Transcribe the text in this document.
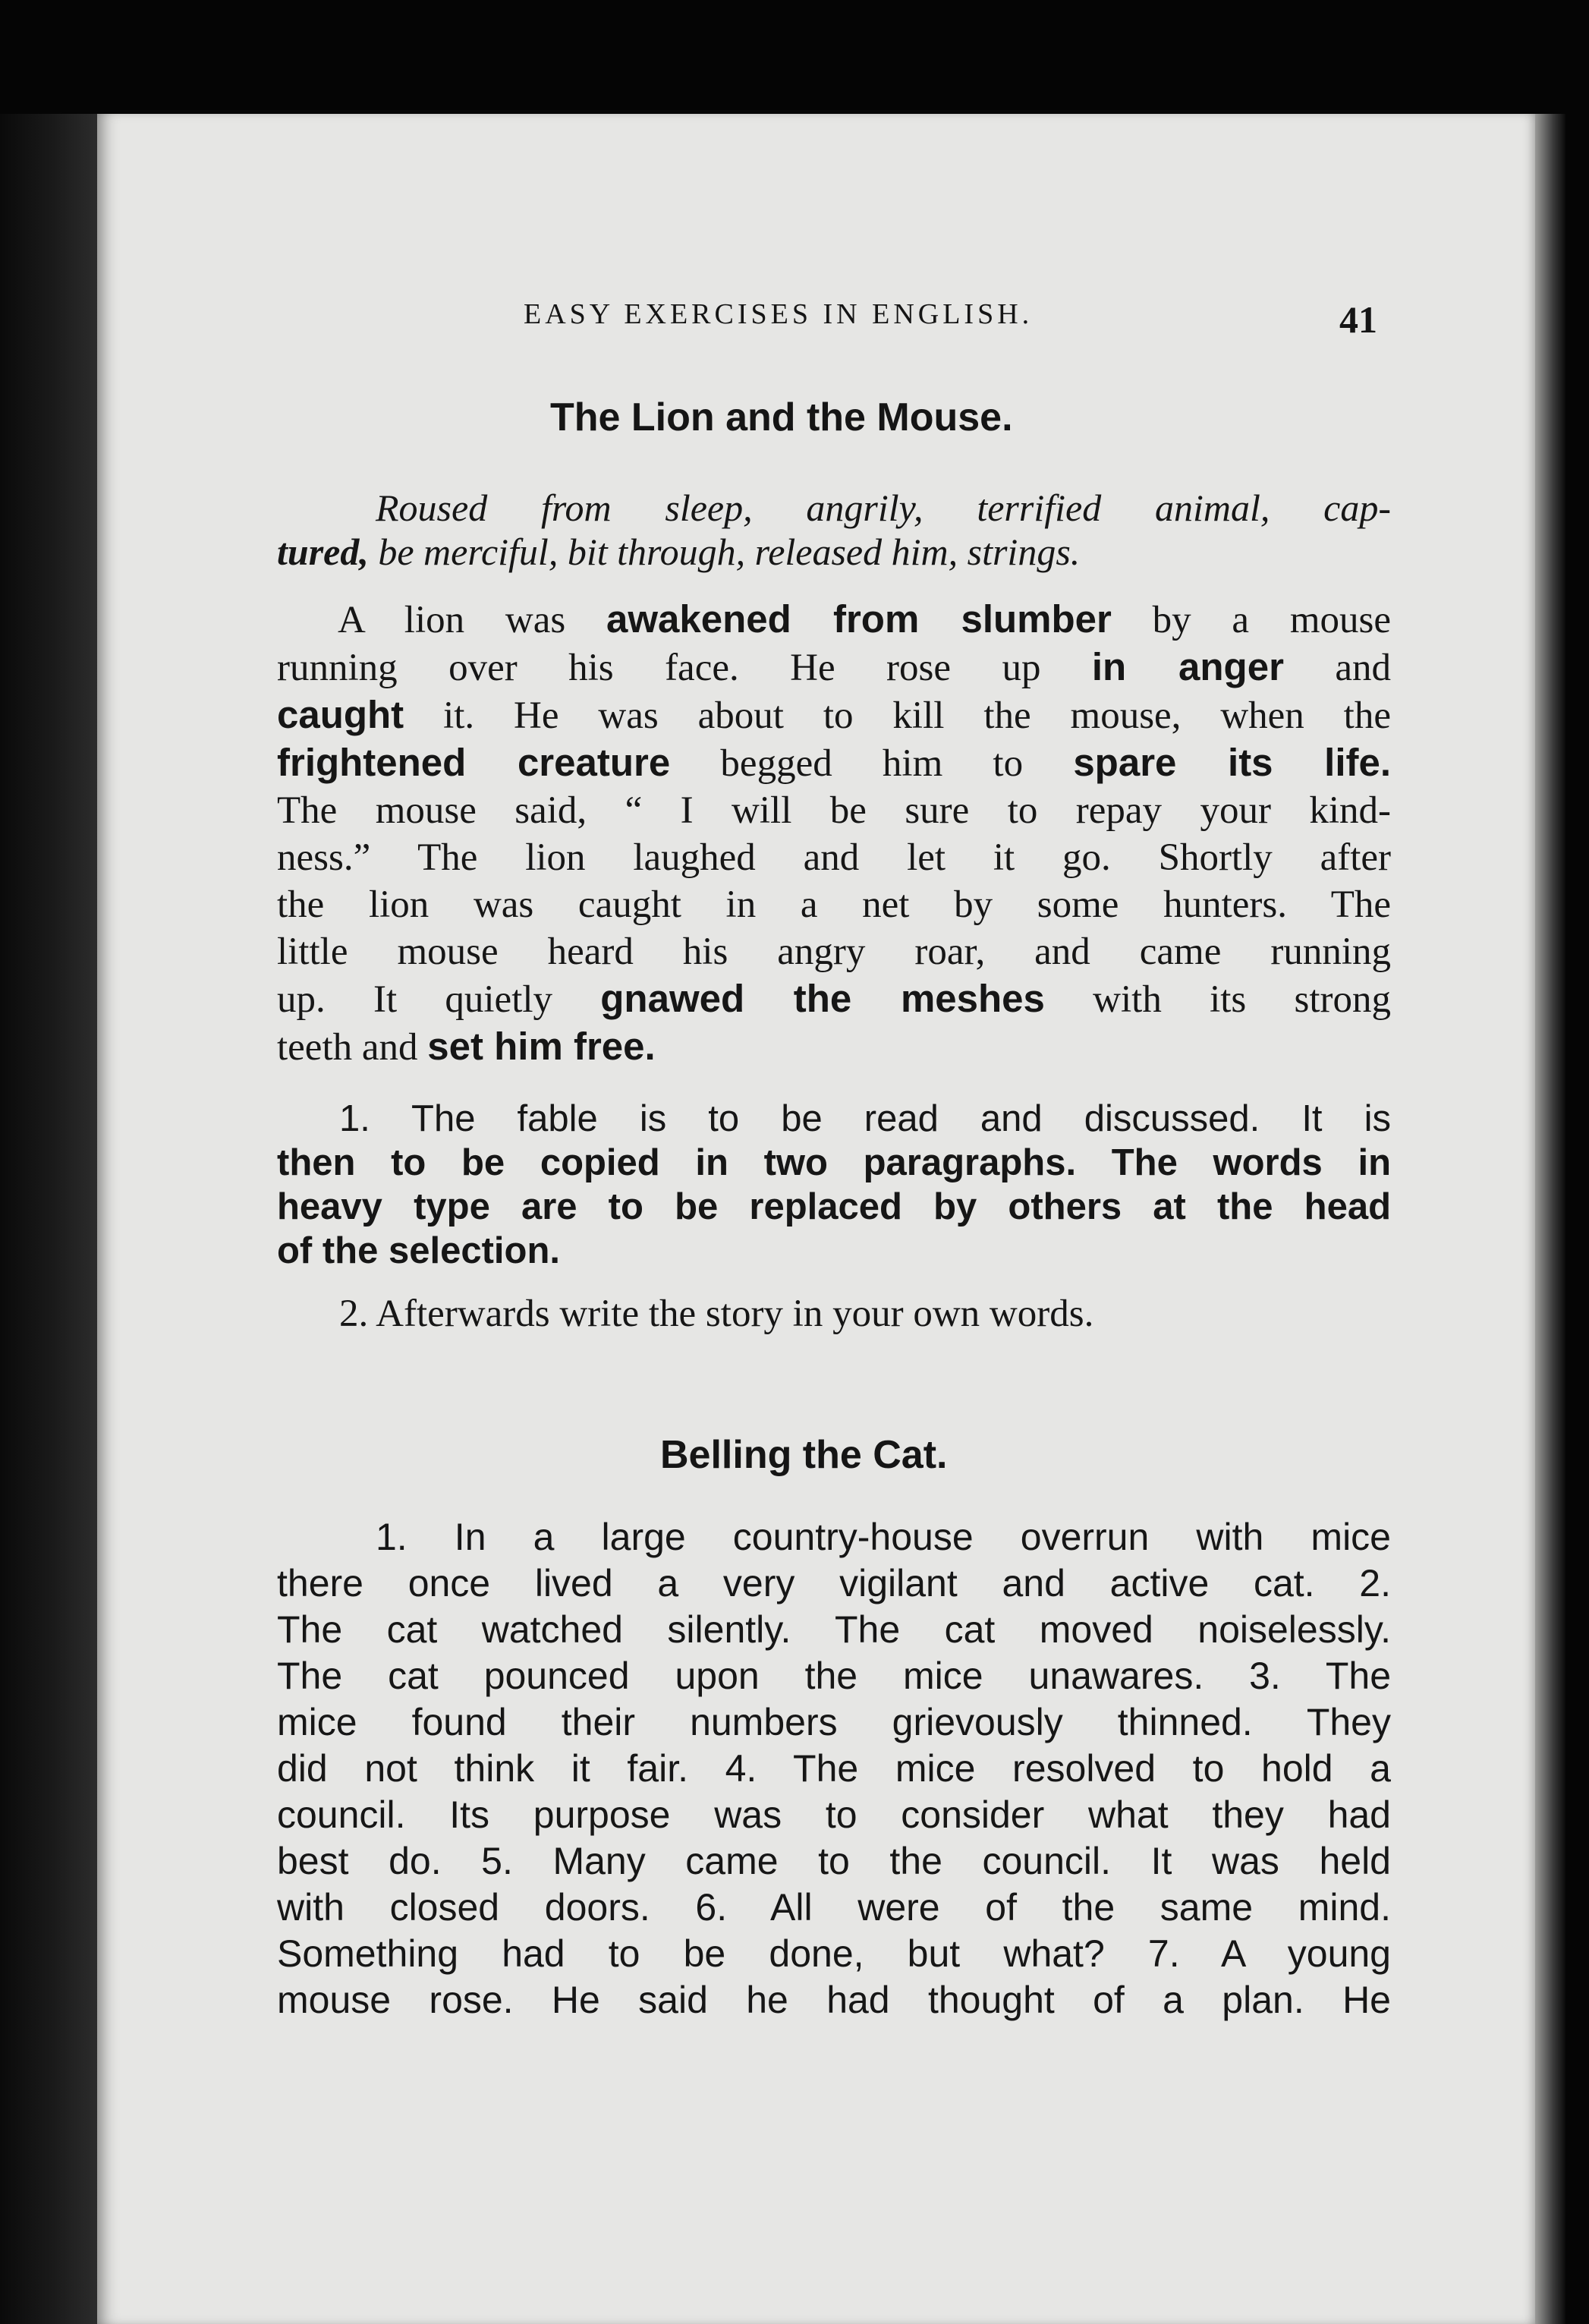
EASY EXERCISES IN ENGLISH.	41
The Lion and the Mouse.
Roused from sleep, angrily, terrified animal, cap-
tured, be merciful, bit through, released him, strings.
A lion was awakened from slumber by a mouse
running over his face. He rose up in anger and
caught it. He was about to kill the mouse, when the
frightened creature begged him to spare its life.
The mouse said, “ I will be sure to repay your kind-
ness.” The lion laughed and let it go. Shortly after
the lion was caught in a net by some hunters. The
little mouse heard his angry roar, and came running
up. It quietly gnawed the meshes with its strong
teeth and set him free.
1. The fable is to be read and discussed. It is
then to be copied in two paragraphs. The words in
heavy type are to be replaced by others at the head
of the selection.
2. Afterwards write the story in your own words.
Belling the Cat.
1. In a large country-house overrun with mice
there once lived a very vigilant and active cat. 2.
The cat watched silently. The cat moved noiselessly.
The cat pounced upon the mice unawares. 3. The
mice found their numbers grievously thinned. They
did not think it fair. 4. The mice resolved to hold a
council. Its purpose was to consider what they had
best do. 5. Many came to the council. It was held
with closed doors. 6. All were of the same mind.
Something had to be done, but what? 7. A young
mouse rose. He said he had thought of a plan. He
